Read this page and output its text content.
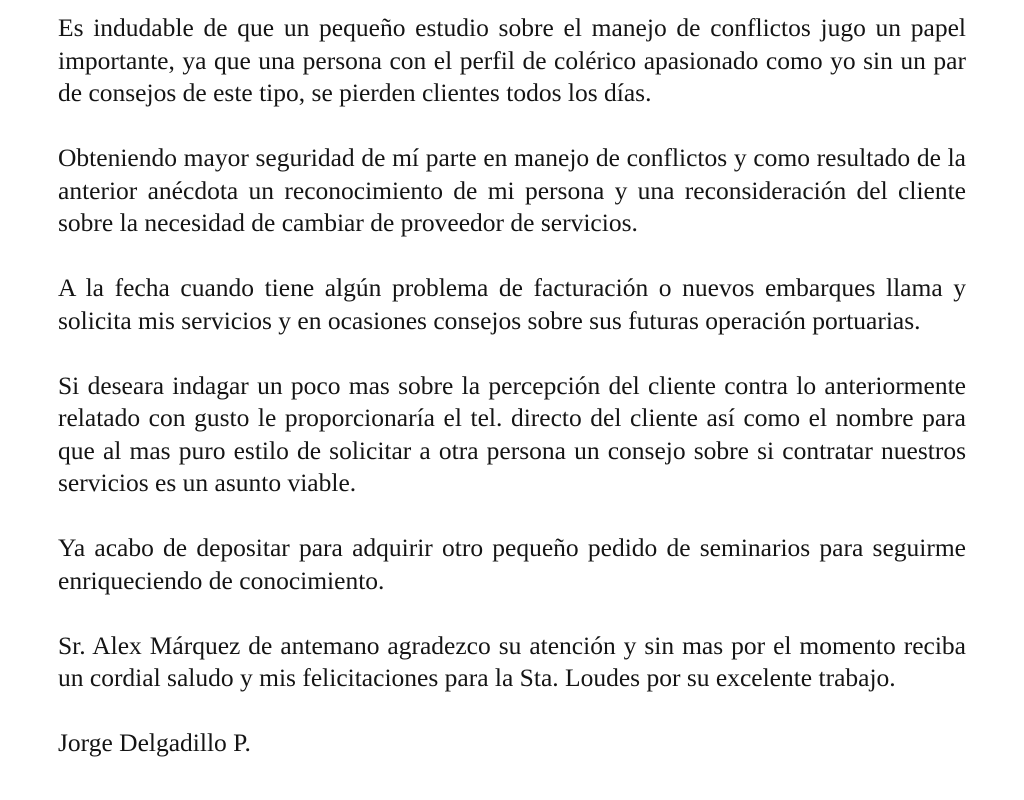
Es indudable de que un pequeño estudio sobre el manejo de conflictos jugo un papel importante, ya que una persona con el perfil de colérico apasionado como yo sin un par de consejos de este tipo, se pierden clientes todos los días.

Obteniendo mayor seguridad de mí parte en manejo de conflictos y como resultado de la anterior anécdota un reconocimiento de mi persona y una reconsideración del cliente sobre la necesidad de cambiar de proveedor de servicios.

A la fecha cuando tiene algún problema de facturación o nuevos embarques llama y solicita mis servicios y en ocasiones consejos sobre sus futuras operación portuarias.

Si deseara indagar un poco mas sobre la percepción del cliente contra lo anteriormente relatado con gusto le proporcionaría el tel. directo del cliente así como el nombre para que al mas puro estilo de solicitar a otra persona un consejo sobre si contratar nuestros servicios es un asunto viable.

Ya acabo de depositar para adquirir otro pequeño pedido de seminarios para seguirme enriqueciendo de conocimiento.

Sr. Alex Márquez de antemano agradezco su atención y sin mas por el momento reciba un cordial saludo y mis felicitaciones para la Sta. Loudes por su excelente trabajo.

Jorge Delgadillo P.
